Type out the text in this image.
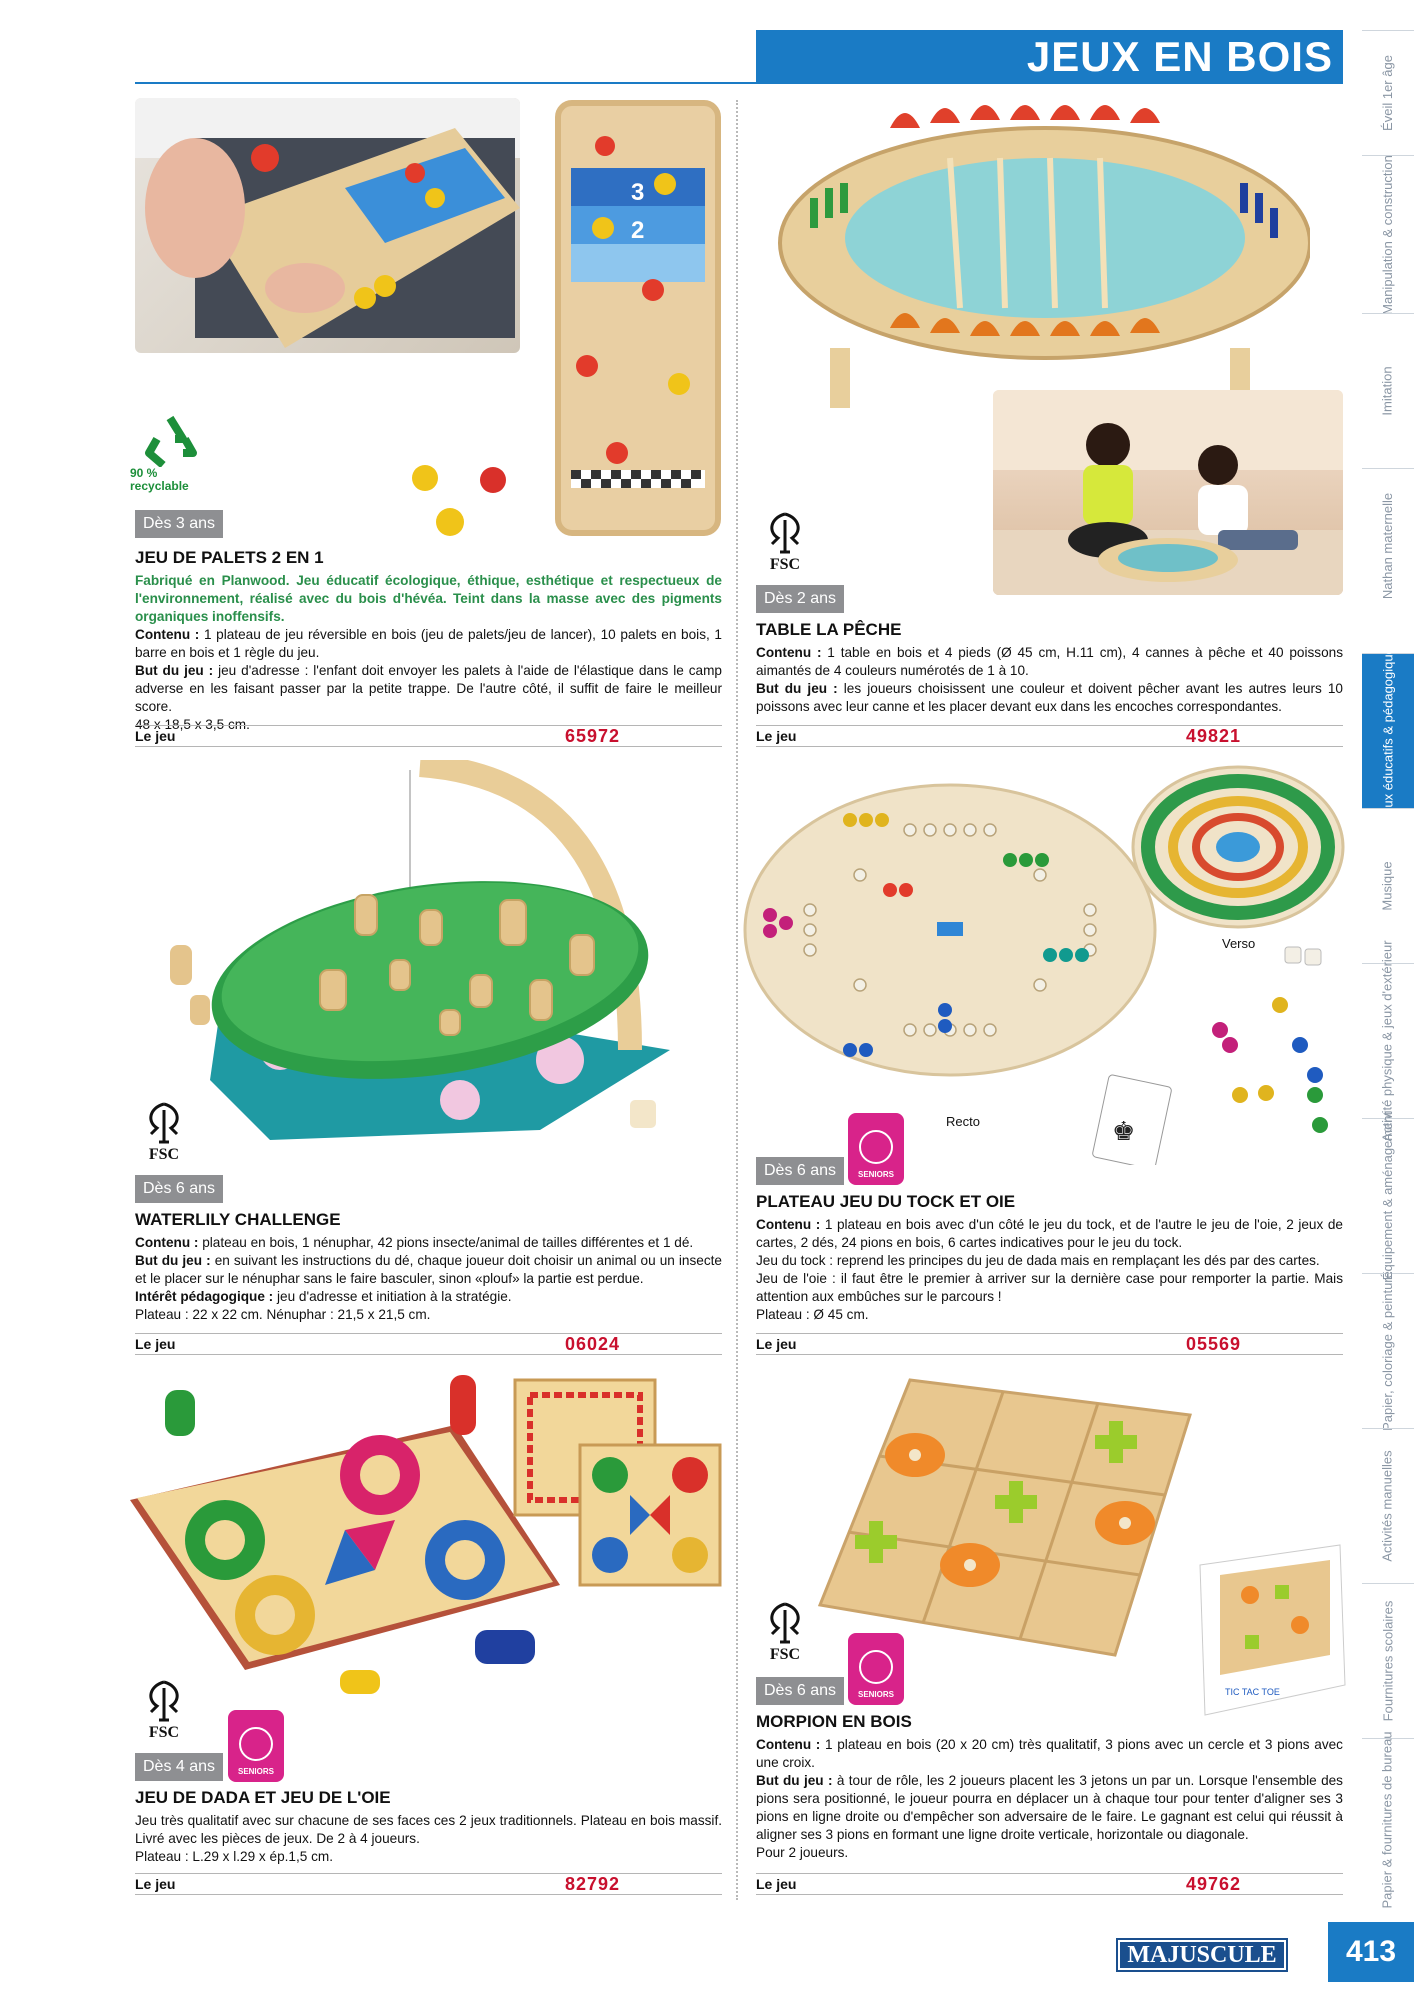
JEUX EN BOIS	Éveil 1er âge
Manipulation & construction
Imitation
Nathan maternelle
Jeux éducatifs & pédagogiques
Musique
Activité physique & jeux d'extérieur
Équipement & aménagement
Papier, coloriage & peinture
Activités manuelles
Fournitures scolaires
Papier & fournitures de bureau
3
2
90 % recyclable
Dès 3 ans
JEU DE PALETS 2 EN 1

Fabriqué en Planwood. Jeu éducatif écologique, éthique, esthétique et respectueux de l'environnement, réalisé avec du bois d'hévéa. Teint dans la masse avec des pigments organiques inoffensifs.

Contenu : 1 plateau de jeu réversible en bois (jeu de palets/jeu de lancer), 10 palets en bois, 1 barre en bois et 1 règle du jeu.

But du jeu : jeu d'adresse : l'enfant doit envoyer les palets à l'aide de l'élastique dans le camp adverse en les faisant passer par la petite trappe. De l'autre côté, il suffit de faire le meilleur score.

48 x 18,5 x 3,5 cm.

Le jeu	65972
FSC
Dès 2 ans
TABLE LA PÊCHE

Contenu : 1 table en bois et 4 pieds (Ø 45 cm, H.11 cm), 4 cannes à pêche et 40 poissons aimantés de 4 couleurs numérotés de 1 à 10.

But du jeu : les joueurs choisissent une couleur et doivent pêcher avant les autres leurs 10 poissons avec leur canne et les placer devant eux dans les encoches correspondantes.

Le jeu	49821
FSC
Dès 6 ans
WATERLILY CHALLENGE

Contenu : plateau en bois, 1 nénuphar, 42 pions insecte/animal de tailles différentes et 1 dé.

But du jeu : en suivant les instructions du dé, chaque joueur doit choisir un animal ou un insecte et le placer sur le nénuphar sans le faire basculer, sinon «plouf» la partie est perdue.

Intérêt pédagogique : jeu d'adresse et initiation à la stratégie.

Plateau : 22 x 22 cm. Nénuphar : 21,5 x 21,5 cm.

Le jeu	06024
Verso
Recto	♚
SENIORS
Dès 6 ans
PLATEAU JEU DU TOCK ET OIE

Contenu : 1 plateau en bois avec d'un côté le jeu du tock, et de l'autre le jeu de l'oie, 2 jeux de cartes, 2 dés, 24 pions en bois, 6 cartes indicatives pour le jeu du tock.

Jeu du tock : reprend les principes du jeu de dada mais en remplaçant les dés par des cartes.

Jeu de l'oie : il faut être le premier à arriver sur la dernière case pour remporter la partie. Mais attention aux embûches sur le parcours !

Plateau : Ø 45 cm.

Le jeu	05569
FSC
SENIORS
Dès 4 ans
JEU DE DADA ET JEU DE L'OIE

Jeu très qualitatif avec sur chacune de ses faces ces 2 jeux traditionnels. Plateau en bois massif. Livré avec les pièces de jeux. De 2 à 4 joueurs.

Plateau : L.29 x l.29 x ép.1,5 cm.

Le jeu	82792
TIC TAC TOE
FSC
SENIORS
Dès 6 ans
MORPION EN BOIS

Contenu : 1 plateau en bois (20 x 20 cm) très qualitatif, 3 pions avec un cercle et 3 pions avec une croix.

But du jeu : à tour de rôle, les 2 joueurs placent les 3 jetons un par un. Lorsque l'ensemble des pions sera positionné, le joueur pourra en déplacer un à chaque tour pour tenter d'aligner ses 3 pions en ligne droite ou d'empêcher son adversaire de le faire. Le gagnant est celui qui réussit à aligner ses 3 pions en formant une ligne droite verticale, horizontale ou diagonale.

Pour 2 joueurs.

Le jeu	49762
MAJUSCULE	413
